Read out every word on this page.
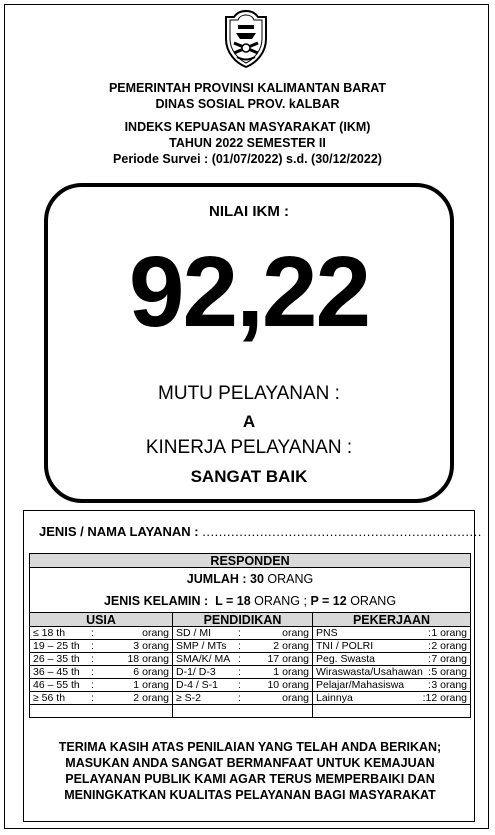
PEMERINTAH PROVINSI KALIMANTAN BARAT
DINAS SOSIAL PROV. kALBAR
INDEKS KEPUASAN MASYARAKAT (IKM)
TAHUN 2022 SEMESTER II
Periode Survei : (01/07/2022) s.d. (30/12/2022)
NILAI IKM :
92,22
MUTU PELAYANAN :
A
KINERJA PELAYANAN :
SANGAT BAIK
JENIS / NAMA LAYANAN : ....................................................................
RESPONDEN		
JUMLAH : 30 ORANG		
JENIS KELAMIN : L = 18 ORANG ; P = 12 ORANG		
USIA	PENDIDIKAN	PEKERJAAN

≤ 18 th : orang	SD / MI : orang	PNS : 1 orang

19 – 25 th : 3 orang	SMP / MTs : 2 orang	TNI / POLRI : 2 orang

26 – 35 th : 18 orang	SMA/K/ MA : 17 orang	Peg. Swasta : 7 orang

36 – 45 th : 6 orang	D-1/ D-3 : 1 orang	Wiraswasta/Usahawan : 5 orang

46 – 55 th : 1 orang	D-4 / S-1 : 10 orang	Pelajar/Mahasiswa : 3 orang

≥ 56 th : 2 orang	≥ S-2 : orang	Lainnya : 12 orang

TERIMA KASIH ATAS PENILAIAN YANG TELAH ANDA BERIKAN;
MASUKAN ANDA SANGAT BERMANFAAT UNTUK KEMAJUAN
PELAYANAN PUBLIK KAMI AGAR TERUS MEMPERBAIKI DAN
MENINGKATKAN KUALITAS PELAYANAN BAGI MASYARAKAT
